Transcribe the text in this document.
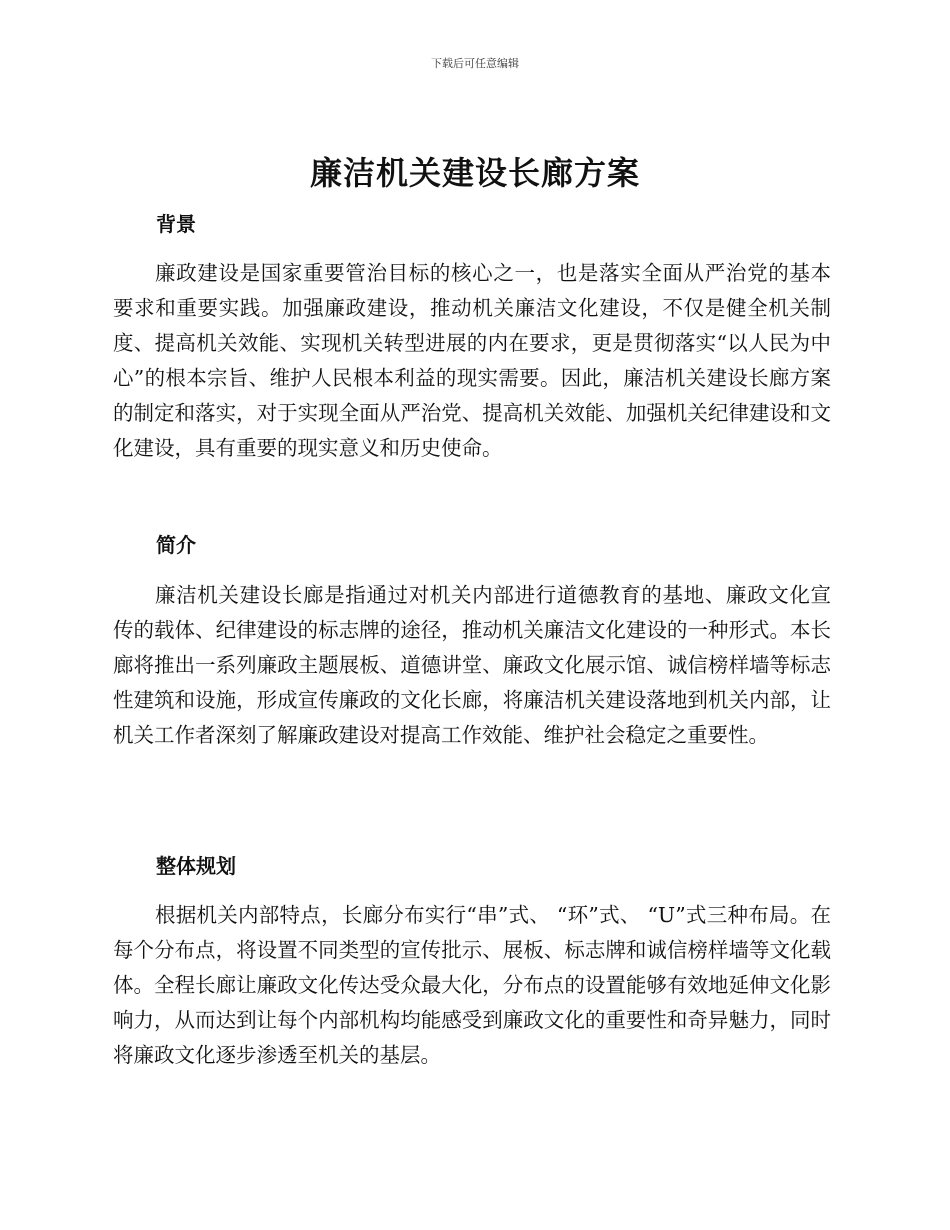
下载后可任意编辑
廉洁机关建设长廊方案
背景

廉政建设是国家重要管治目标的核心之一，也是落实全面从严治党的基本要求和重要实践。加强廉政建设，推动机关廉洁文化建设，不仅是健全机关制度、提高机关效能、实现机关转型进展的内在要求，更是贯彻落实“以人民为中心”的根本宗旨、维护人民根本利益的现实需要。因此，廉洁机关建设长廊方案的制定和落实，对于实现全面从严治党、提高机关效能、加强机关纪律建设和文化建设，具有重要的现实意义和历史使命。

简介

廉洁机关建设长廊是指通过对机关内部进行道德教育的基地、廉政文化宣传的载体、纪律建设的标志牌的途径，推动机关廉洁文化建设的一种形式。本长廊将推出一系列廉政主题展板、道德讲堂、廉政文化展示馆、诚信榜样墙等标志性建筑和设施，形成宣传廉政的文化长廊，将廉洁机关建设落地到机关内部，让机关工作者深刻了解廉政建设对提高工作效能、维护社会稳定之重要性。

整体规划

根据机关内部特点，长廊分布实行“串”式、 “环”式、 “U”式三种布局。在每个分布点，将设置不同类型的宣传批示、展板、标志牌和诚信榜样墙等文化载体。全程长廊让廉政文化传达受众最大化，分布点的设置能够有效地延伸文化影响力，从而达到让每个内部机构均能感受到廉政文化的重要性和奇异魅力，同时将廉政文化逐步渗透至机关的基层。
